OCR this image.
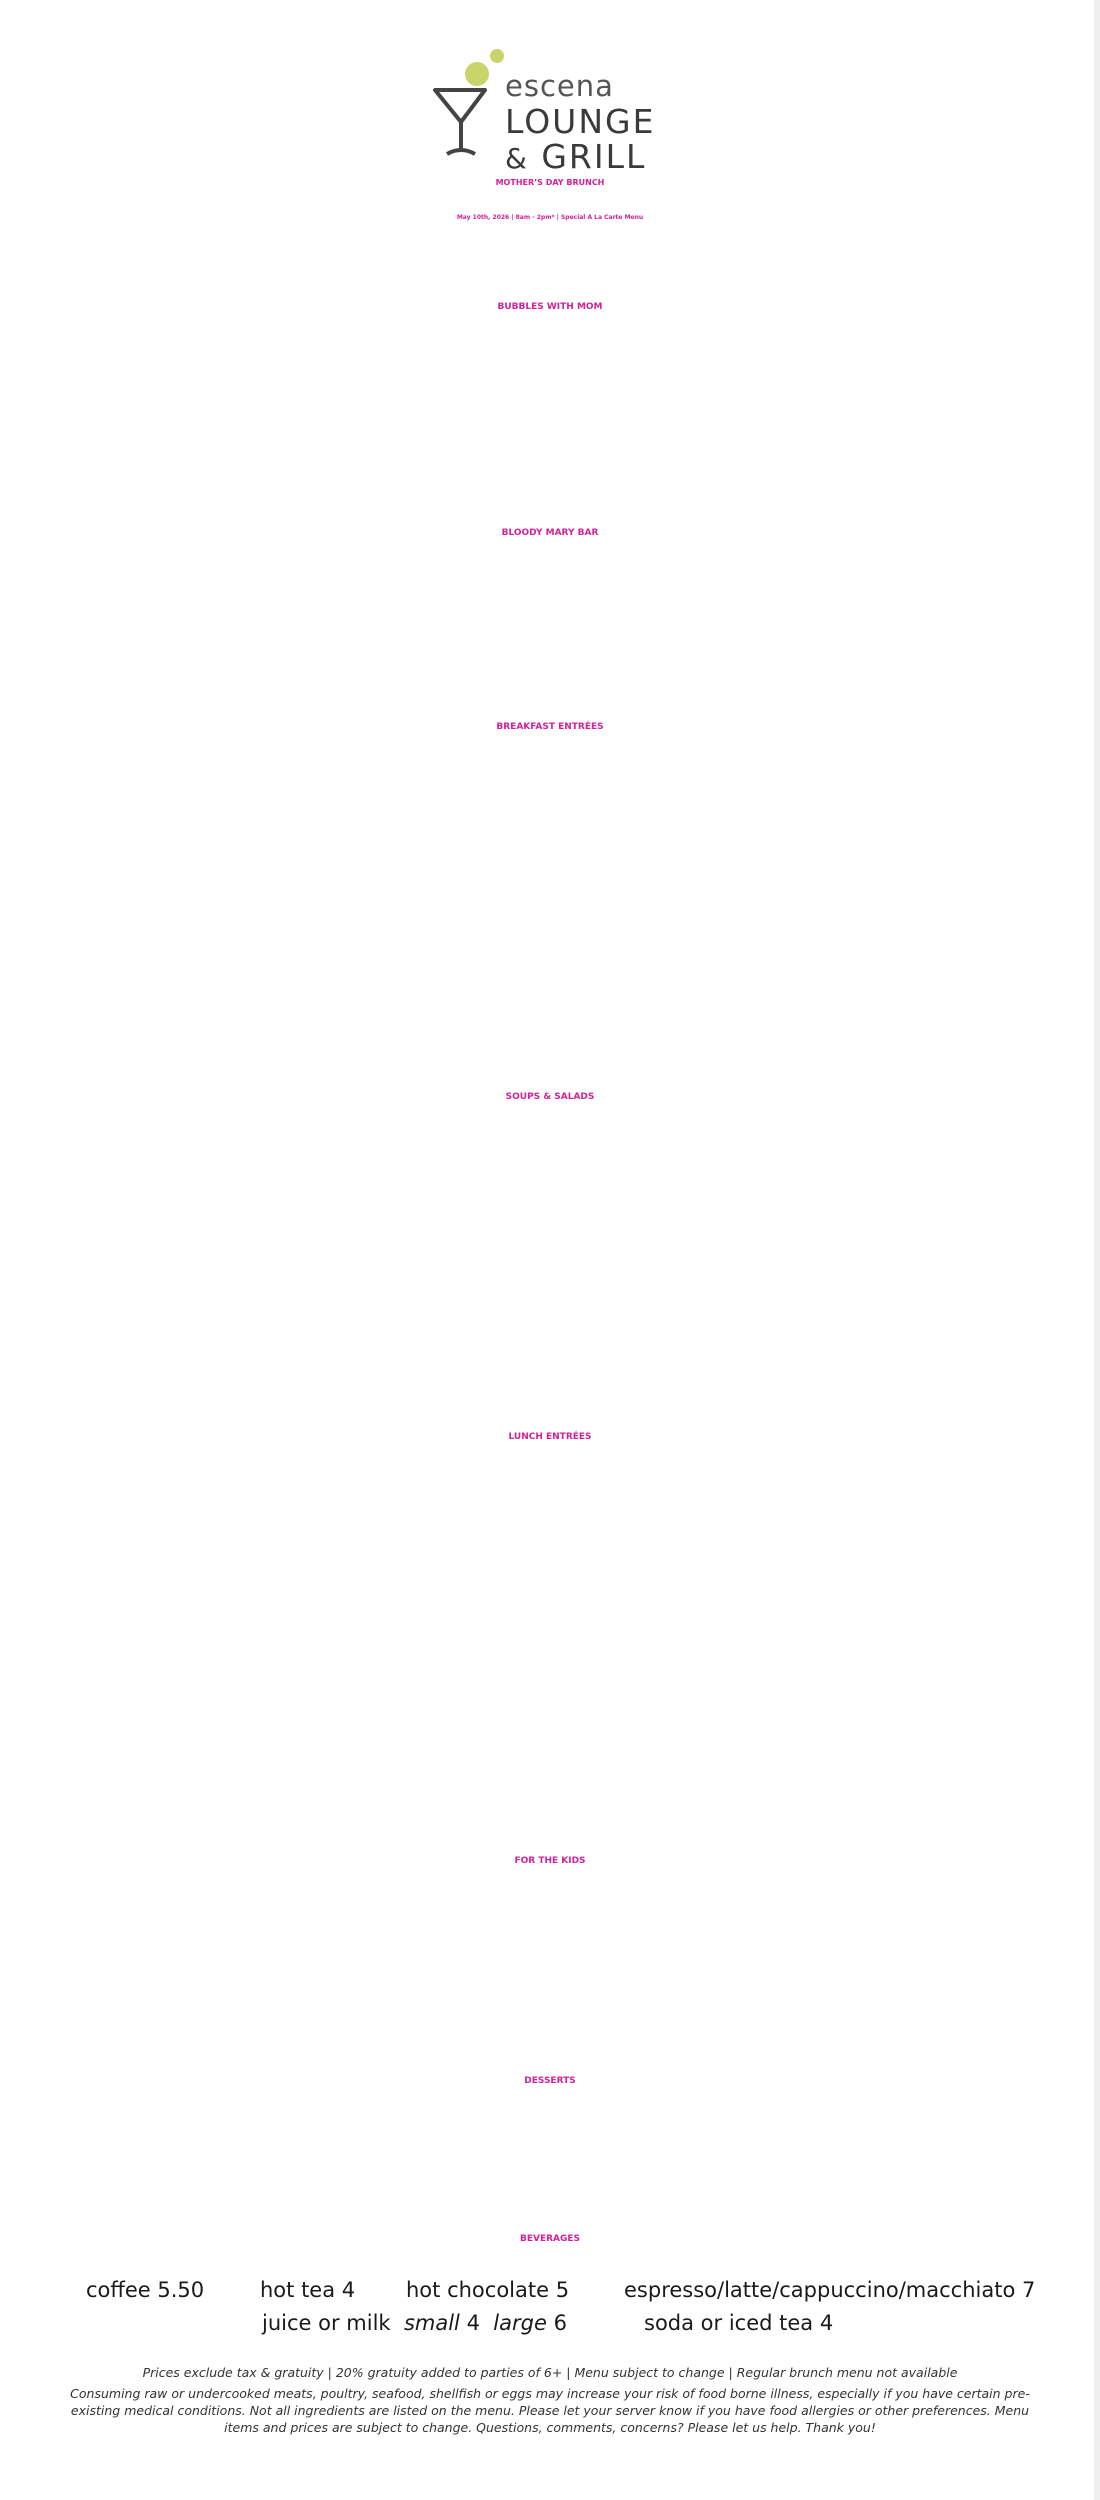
escena
LOUNGE
& GRILL
MOTHER’S DAY BRUNCH
May 10th, 2026 | 8am - 2pm* | Special A La Carte Menu
BUBBLES WITH MOM

BLOODY MARY BAR

BREAKFAST ENTRÉES

SOUPS & SALADS

LUNCH ENTRÉES

FOR THE KIDS

DESSERTS
BEVERAGES
coffee 5.50	hot tea 4 hot chocolate 5	espresso/latte/cappuccino/macchiato 7
juice or milk small 4 large 6	soda or iced tea 4
Prices exclude tax & gratuity | 20% gratuity added to parties of 6+ | Menu subject to change | Regular brunch menu not available
Consuming raw or undercooked meats, poultry, seafood, shellfish or eggs may increase your risk of food borne illness, especially if you have certain pre-existing medical conditions. Not all ingredients are listed on the menu. Please let your server know if you have food allergies or other preferences. Menu items and prices are subject to change. Questions, comments, concerns? Please let us help. Thank you!
